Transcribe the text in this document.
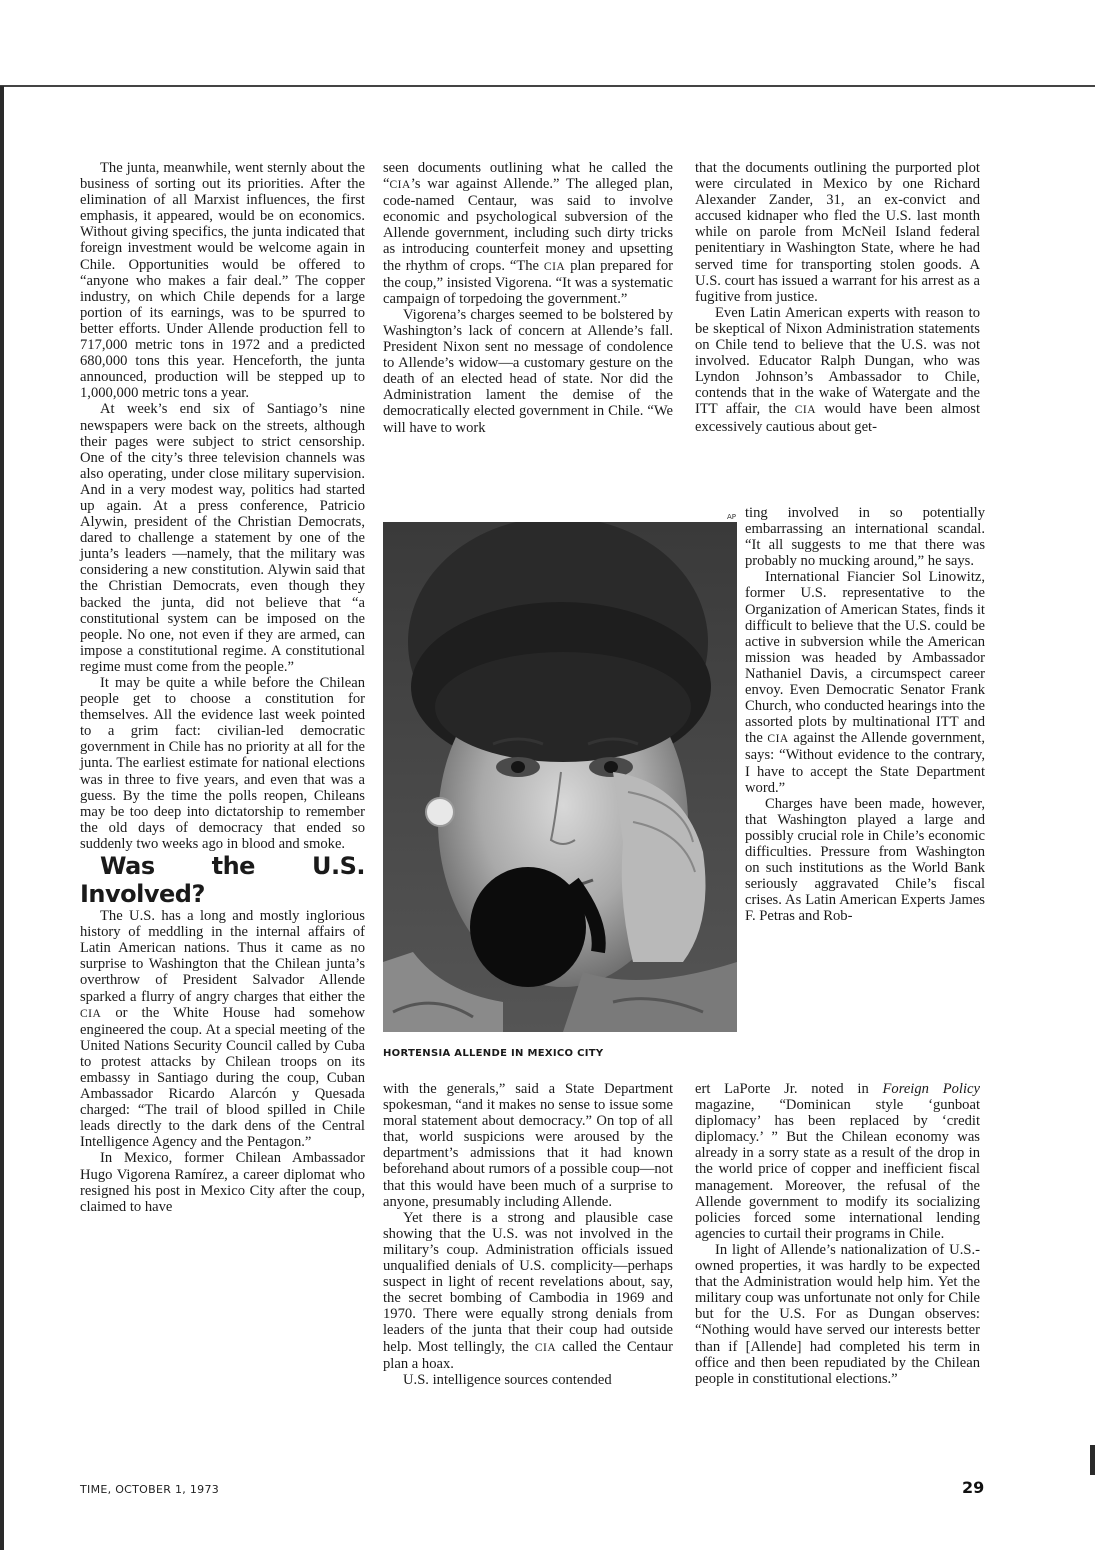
The junta, meanwhile, went sternly about the business of sorting out its priorities. After the elimination of all Marxist influences, the first emphasis, it appeared, would be on economics. Without giving specifics, the junta indicated that foreign investment would be welcome again in Chile. Opportunities would be offered to “anyone who makes a fair deal.” The copper industry, on which Chile depends for a large portion of its earnings, was to be spurred to better efforts. Under Allende production fell to 717,000 metric tons in 1972 and a predicted 680,000 tons this year. Henceforth, the junta announced, production will be stepped up to 1,000,000 metric tons a year.

At week’s end six of Santiago’s nine newspapers were back on the streets, although their pages were subject to strict censorship. One of the city’s three television channels was also operating, under close military supervision. And in a very modest way, politics had started up again. At a press conference, Patricio Alywin, president of the Christian Democrats, dared to challenge a statement by one of the junta’s leaders —namely, that the military was considering a new constitution. Alywin said that the Christian Democrats, even though they backed the junta, did not believe that “a constitutional system can be imposed on the people. No one, not even if they are armed, can impose a constitutional regime. A constitutional regime must come from the people.”

It may be quite a while before the Chilean people get to choose a constitution for themselves. All the evidence last week pointed to a grim fact: civilian-led democratic government in Chile has no priority at all for the junta. The earliest estimate for national elections was in three to five years, and even that was a guess. By the time the polls reopen, Chileans may be too deep into dictatorship to remember the old days of democracy that ended so suddenly two weeks ago in blood and smoke.

Was the U.S. Involved?

The U.S. has a long and mostly inglorious history of meddling in the internal affairs of Latin American nations. Thus it came as no surprise to Washington that the Chilean junta’s overthrow of President Salvador Allende sparked a flurry of angry charges that either the CIA or the White House had somehow engineered the coup. At a special meeting of the United Nations Security Council called by Cuba to protest attacks by Chilean troops on its embassy in Santiago during the coup, Cuban Ambassador Ricardo Alarcón y Quesada charged: “The trail of blood spilled in Chile leads directly to the dark dens of the Central Intelligence Agency and the Pentagon.”

In Mexico, former Chilean Ambassador Hugo Vigorena Ramírez, a career diplomat who resigned his post in Mexico City after the coup, claimed to have

seen documents outlining what he called the “CIA’s war against Allende.” The alleged plan, code-named Centaur, was said to involve economic and psychological subversion of the Allende government, including such dirty tricks as introducing counterfeit money and upsetting the rhythm of crops. “The CIA plan prepared for the coup,” insisted Vigorena. “It was a systematic campaign of torpedoing the government.”

Vigorena’s charges seemed to be bolstered by Washington’s lack of concern at Allende’s fall. President Nixon sent no message of condolence to Allende’s widow—a customary gesture on the death of an elected head of state. Nor did the Administration lament the demise of the democratically elected government in Chile. “We will have to work

AP
HORTENSIA ALLENDE IN MEXICO CITY

with the generals,” said a State Department spokesman, “and it makes no sense to issue some moral statement about democracy.” On top of all that, world suspicions were aroused by the department’s admissions that it had known beforehand about rumors of a possible coup—not that this would have been much of a surprise to anyone, presumably including Allende.

Yet there is a strong and plausible case showing that the U.S. was not involved in the military’s coup. Administration officials issued unqualified denials of U.S. complicity—perhaps suspect in light of recent revelations about, say, the secret bombing of Cambodia in 1969 and 1970. There were equally strong denials from leaders of the junta that their coup had outside help. Most tellingly, the CIA called the Centaur plan a hoax.

U.S. intelligence sources contended

that the documents outlining the purported plot were circulated in Mexico by one Richard Alexander Zander, 31, an ex-convict and accused kidnaper who fled the U.S. last month while on parole from McNeil Island federal penitentiary in Washington State, where he had served time for transporting stolen goods. A U.S. court has issued a warrant for his arrest as a fugitive from justice.

Even Latin American experts with reason to be skeptical of Nixon Administration statements on Chile tend to believe that the U.S. was not involved. Educator Ralph Dungan, who was Lyndon Johnson’s Ambassador to Chile, contends that in the wake of Watergate and the ITT affair, the CIA would have been almost excessively cautious about get-

ting involved in so potentially embarrassing an international scandal. “It all suggests to me that there was probably no mucking around,” he says.

International Fiancier Sol Linowitz, former U.S. representative to the Organization of American States, finds it difficult to believe that the U.S. could be active in subversion while the American mission was headed by Ambassador Nathaniel Davis, a circumspect career envoy. Even Democratic Senator Frank Church, who conducted hearings into the assorted plots by multinational ITT and the CIA against the Allende government, says: “Without evidence to the contrary, I have to accept the State Department word.”

Charges have been made, however, that Washington played a large and possibly crucial role in Chile’s economic difficulties. Pressure from Washington on such institutions as the World Bank seriously aggravated Chile’s fiscal crises. As Latin American Experts James F. Petras and Rob-

ert LaPorte Jr. noted in Foreign Policy magazine, “Dominican style ‘gunboat diplomacy’ has been replaced by ‘credit diplomacy.’ ” But the Chilean economy was already in a sorry state as a result of the drop in the world price of copper and inefficient fiscal management. Moreover, the refusal of the Allende government to modify its socializing policies forced some international lending agencies to curtail their programs in Chile.

In light of Allende’s nationalization of U.S.-owned properties, it was hardly to be expected that the Administration would help him. Yet the military coup was unfortunate not only for Chile but for the U.S. For as Dungan observes: “Nothing would have served our interests better than if [Allende] had completed his term in office and then been repudiated by the Chilean people in constitutional elections.”

TIME, OCTOBER 1, 1973	29
